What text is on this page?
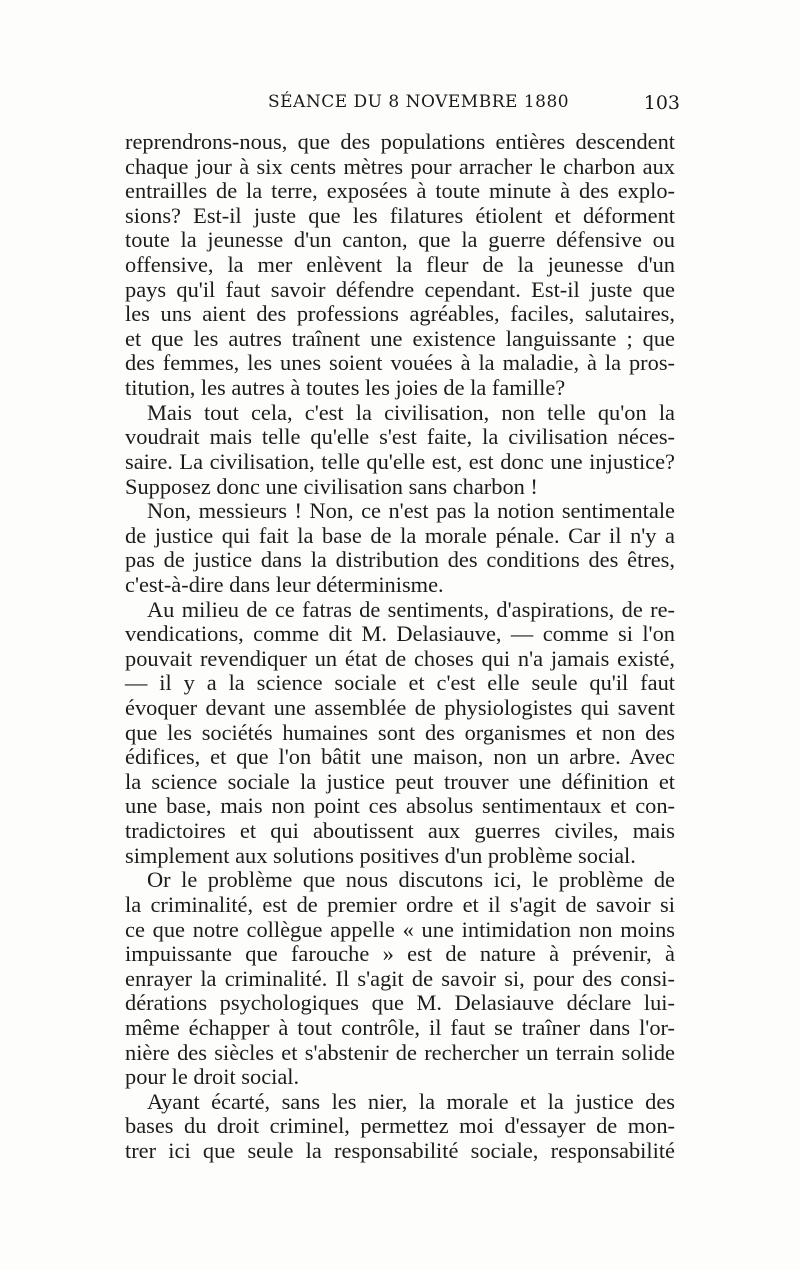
SÉANCE DU 8 NOVEMBRE 1880	103
reprendrons-nous, que des populations entières descendent
chaque jour à six cents mètres pour arracher le charbon aux
entrailles de la terre, exposées à toute minute à des explo-
sions? Est-il juste que les filatures étiolent et déforment
toute la jeunesse d'un canton, que la guerre défensive ou
offensive, la mer enlèvent la fleur de la jeunesse d'un
pays qu'il faut savoir défendre cependant. Est-il juste que
les uns aient des professions agréables, faciles, salutaires,
et que les autres traînent une existence languissante ; que
des femmes, les unes soient vouées à la maladie, à la pros-
titution, les autres à toutes les joies de la famille?
Mais tout cela, c'est la civilisation, non telle qu'on la
voudrait mais telle qu'elle s'est faite, la civilisation néces-
saire. La civilisation, telle qu'elle est, est donc une injustice?
Supposez donc une civilisation sans charbon !
Non, messieurs ! Non, ce n'est pas la notion sentimentale
de justice qui fait la base de la morale pénale. Car il n'y a
pas de justice dans la distribution des conditions des êtres,
c'est-à-dire dans leur déterminisme.
Au milieu de ce fatras de sentiments, d'aspirations, de re-
vendications, comme dit M. Delasiauve, — comme si l'on
pouvait revendiquer un état de choses qui n'a jamais existé,
— il y a la science sociale et c'est elle seule qu'il faut
évoquer devant une assemblée de physiologistes qui savent
que les sociétés humaines sont des organismes et non des
édifices, et que l'on bâtit une maison, non un arbre. Avec
la science sociale la justice peut trouver une définition et
une base, mais non point ces absolus sentimentaux et con-
tradictoires et qui aboutissent aux guerres civiles, mais
simplement aux solutions positives d'un problème social.
Or le problème que nous discutons ici, le problème de
la criminalité, est de premier ordre et il s'agit de savoir si
ce que notre collègue appelle « une intimidation non moins
impuissante que farouche » est de nature à prévenir, à
enrayer la criminalité. Il s'agit de savoir si, pour des consi-
dérations psychologiques que M. Delasiauve déclare lui-
même échapper à tout contrôle, il faut se traîner dans l'or-
nière des siècles et s'abstenir de rechercher un terrain solide
pour le droit social.
Ayant écarté, sans les nier, la morale et la justice des
bases du droit criminel, permettez moi d'essayer de mon-
trer ici que seule la responsabilité sociale, responsabilité
